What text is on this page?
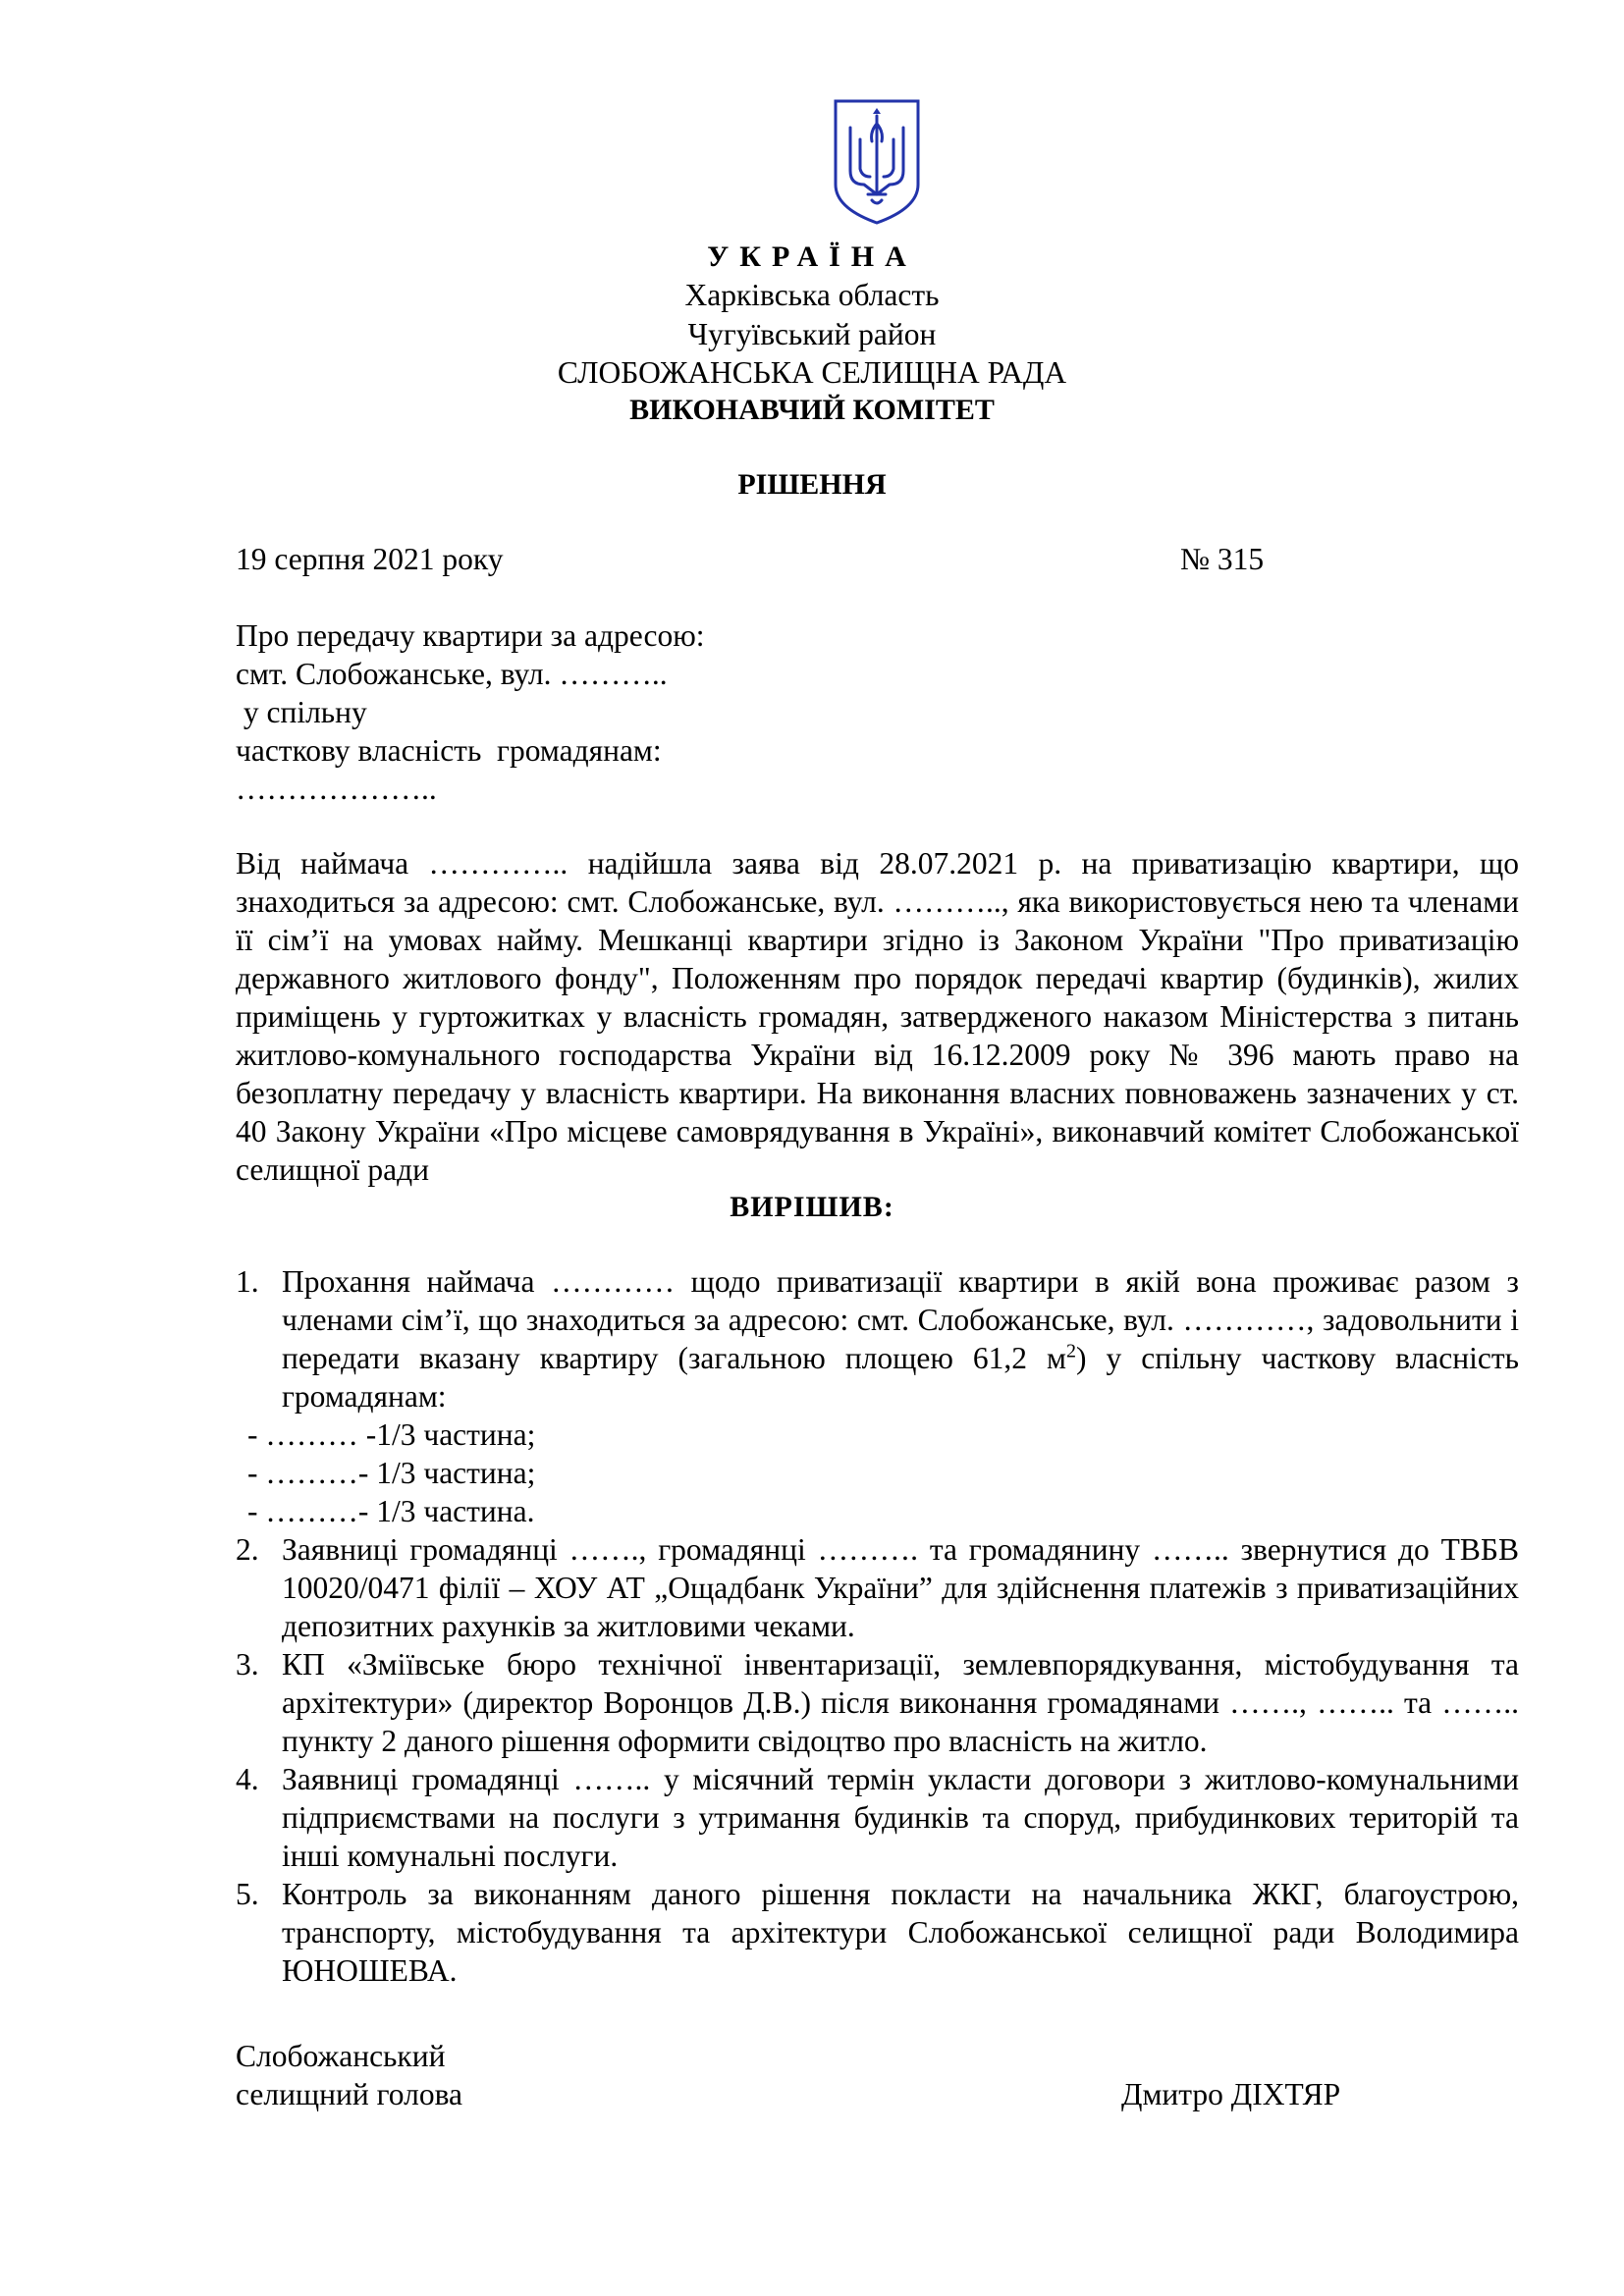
УКРАЇНА
Харківська область
Чугуївський район
СЛОБОЖАНСЬКА СЕЛИЩНА РАДА
ВИКОНАВЧИЙ КОМІТЕТ
РІШЕННЯ
19 серпня 2021 року	№ 315
Про передачу квартири за адресою:
смт. Слобожанське, вул. ………..
у спільну
часткову власність  громадянам:
………………..

Від наймача ………….. надійшла заява від 28.07.2021 р. на приватизацію квартири, що знаходиться за адресою: смт. Слобожанське, вул. ……….., яка використовується нею та членами її сім’ї на умовах найму. Мешканці квартири згідно із Законом України "Про приватизацію державного житлового фонду", Положенням про порядок передачі квартир (будинків), жилих приміщень у гуртожитках у власність громадян, затвердженого наказом Міністерства з питань житлово-комунального господарства України від 16.12.2009 року № 396 мають право на безоплатну передачу у власність квартири. На виконання власних повноважень зазначених у ст. 40 Закону України «Про місцеве самоврядування в Україні», виконавчий комітет Слобожанської селищної ради

ВИРІШИВ:
1. Прохання наймача ………… щодо приватизації квартири в якій вона проживає разом з членами сім’ї, що знаходиться за адресою: смт. Слобожанське, вул. …………, задовольнити і передати вказану квартиру (загальною площею 61,2 $м^2$) у спільну часткову власність громадянам:
- ……… -1/3 частина;
- ………- 1/3 частина;
- ………- 1/3 частина.
2. Заявниці громадянці ……., громадянці ………. та громадянину …….. звернутися до ТВБВ 10020/0471 філії – ХОУ АТ „Ощадбанк України” для здійснення платежів з приватизаційних депозитних рахунків за житловими чеками.
3. КП «Зміївське бюро технічної інвентаризації, землевпорядкування, містобудування та архітектури» (директор Воронцов Д.В.) після виконання громадянами ……., …….. та …….. пункту 2 даного рішення оформити свідоцтво про власність на житло.
4. Заявниці громадянці …….. у місячний термін укласти договори з житлово-комунальними підприємствами на послуги з утримання будинків та споруд, прибудинкових територій та інші комунальні послуги.
5. Контроль за виконанням даного рішення покласти на начальника ЖКГ, благоустрою, транспорту, містобудування та архітектури Слобожанської селищної ради Володимира ЮНОШЕВА.
Слобожанський
селищний голова	Дмитро ДІХТЯР
